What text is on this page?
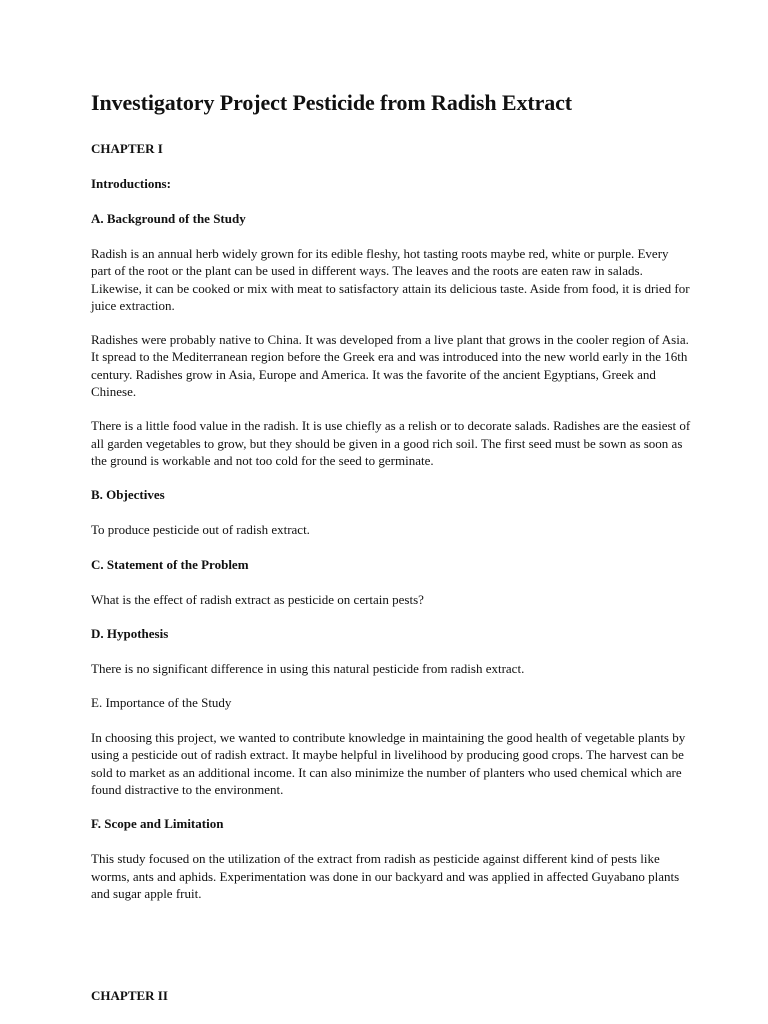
Investigatory Project Pesticide from Radish Extract
CHAPTER I
Introductions:
A. Background of the Study

Radish is an annual herb widely grown for its edible fleshy, hot tasting roots maybe red, white or purple. Every part of the root or the plant can be used in different ways. The leaves and the roots are eaten raw in salads. Likewise, it can be cooked or mix with meat to satisfactory attain its delicious taste. Aside from food, it is dried for juice extraction.

Radishes were probably native to China. It was developed from a live plant that grows in the cooler region of Asia. It spread to the Mediterranean region before the Greek era and was introduced into the new world early in the 16th century. Radishes grow in Asia, Europe and America. It was the favorite of the ancient Egyptians, Greek and Chinese.

There is a little food value in the radish. It is use chiefly as a relish or to decorate salads. Radishes are the easiest of all garden vegetables to grow, but they should be given in a good rich soil. The first seed must be sown as soon as the ground is workable and not too cold for the seed to germinate.

B. Objectives

To produce pesticide out of radish extract.

C. Statement of the Problem

What is the effect of radish extract as pesticide on certain pests?

D. Hypothesis

There is no significant difference in using this natural pesticide from radish extract.

E. Importance of the Study

In choosing this project, we wanted to contribute knowledge in maintaining the good health of vegetable plants by using a pesticide out of radish extract. It maybe helpful in livelihood by producing good crops. The harvest can be sold to market as an additional income. It can also minimize the number of planters who used chemical which are found distractive to the environment.

F. Scope and Limitation

This study focused on the utilization of the extract from radish as pesticide against different kind of pests like worms, ants and aphids. Experimentation was done in our backyard and was applied in affected Guyabano plants and sugar apple fruit.

CHAPTER II
